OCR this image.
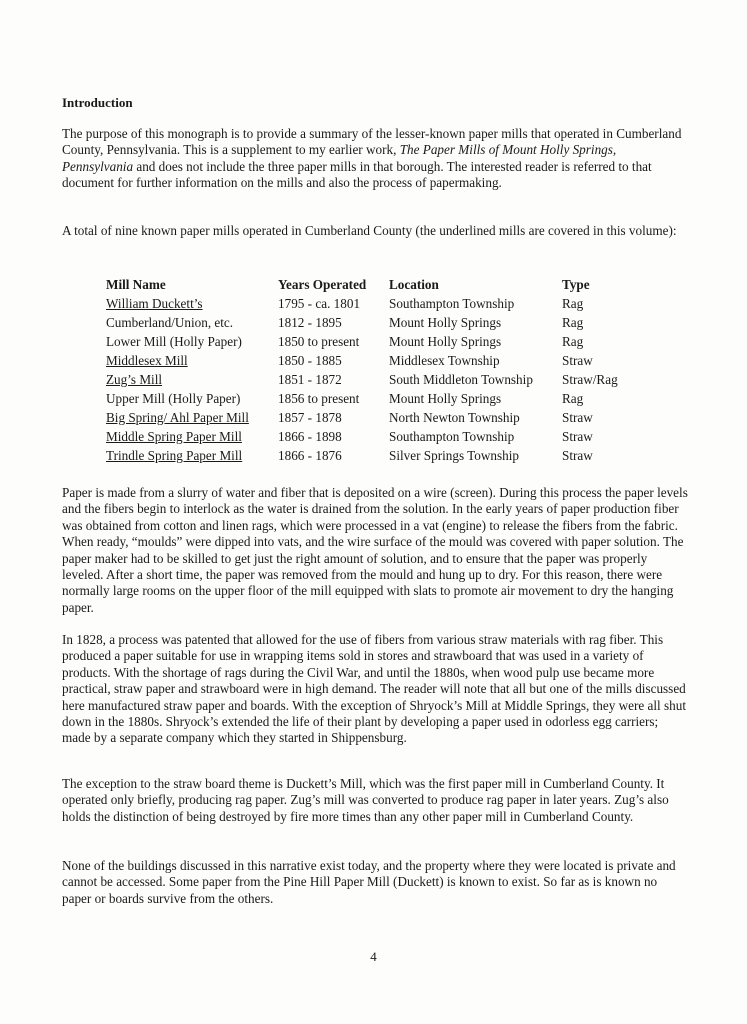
Introduction

The purpose of this monograph is to provide a summary of the lesser-known paper mills that operated in Cumberland County, Pennsylvania. This is a supplement to my earlier work, The Paper Mills of Mount Holly Springs, Pennsylvania and does not include the three paper mills in that borough. The interested reader is referred to that document for further information on the mills and also the process of papermaking.

A total of nine known paper mills operated in Cumberland County (the underlined mills are covered in this volume):

Mill Name	Years Operated	Location	Type
William Duckett’s	1795 - ca. 1801	Southampton Township	Rag
Cumberland/Union, etc.	1812 - 1895	Mount Holly Springs	Rag
Lower Mill (Holly Paper)	1850 to present	Mount Holly Springs	Rag
Middlesex Mill	1850 - 1885	Middlesex Township	Straw
Zug’s Mill	1851 - 1872	South Middleton Township	Straw/Rag
Upper Mill (Holly Paper)	1856 to present	Mount Holly Springs	Rag
Big Spring/ Ahl Paper Mill	1857 - 1878	North Newton Township	Straw
Middle Spring Paper Mill	1866 - 1898	Southampton Township	Straw
Trindle Spring Paper Mill	1866 - 1876	Silver Springs Township	Straw

Paper is made from a slurry of water and fiber that is deposited on a wire (screen). During this process the paper levels and the fibers begin to interlock as the water is drained from the solution. In the early years of paper production fiber was obtained from cotton and linen rags, which were processed in a vat (engine) to release the fibers from the fabric. When ready, “moulds” were dipped into vats, and the wire surface of the mould was covered with paper solution. The paper maker had to be skilled to get just the right amount of solution, and to ensure that the paper was properly leveled. After a short time, the paper was removed from the mould and hung up to dry. For this reason, there were normally large rooms on the upper floor of the mill equipped with slats to promote air movement to dry the hanging paper.

In 1828, a process was patented that allowed for the use of fibers from various straw materials with rag fiber. This produced a paper suitable for use in wrapping items sold in stores and strawboard that was used in a variety of products. With the shortage of rags during the Civil War, and until the 1880s, when wood pulp use became more practical, straw paper and strawboard were in high demand. The reader will note that all but one of the mills discussed here manufactured straw paper and boards. With the exception of Shryock’s Mill at Middle Springs, they were all shut down in the 1880s. Shryock’s extended the life of their plant by developing a paper used in odorless egg carriers; made by a separate company which they started in Shippensburg.

The exception to the straw board theme is Duckett’s Mill, which was the first paper mill in Cumberland County. It operated only briefly, producing rag paper. Zug’s mill was converted to produce rag paper in later years. Zug’s also holds the distinction of being destroyed by fire more times than any other paper mill in Cumberland County.

None of the buildings discussed in this narrative exist today, and the property where they were located is private and cannot be accessed. Some paper from the Pine Hill Paper Mill (Duckett) is known to exist. So far as is known no paper or boards survive from the others.

4
